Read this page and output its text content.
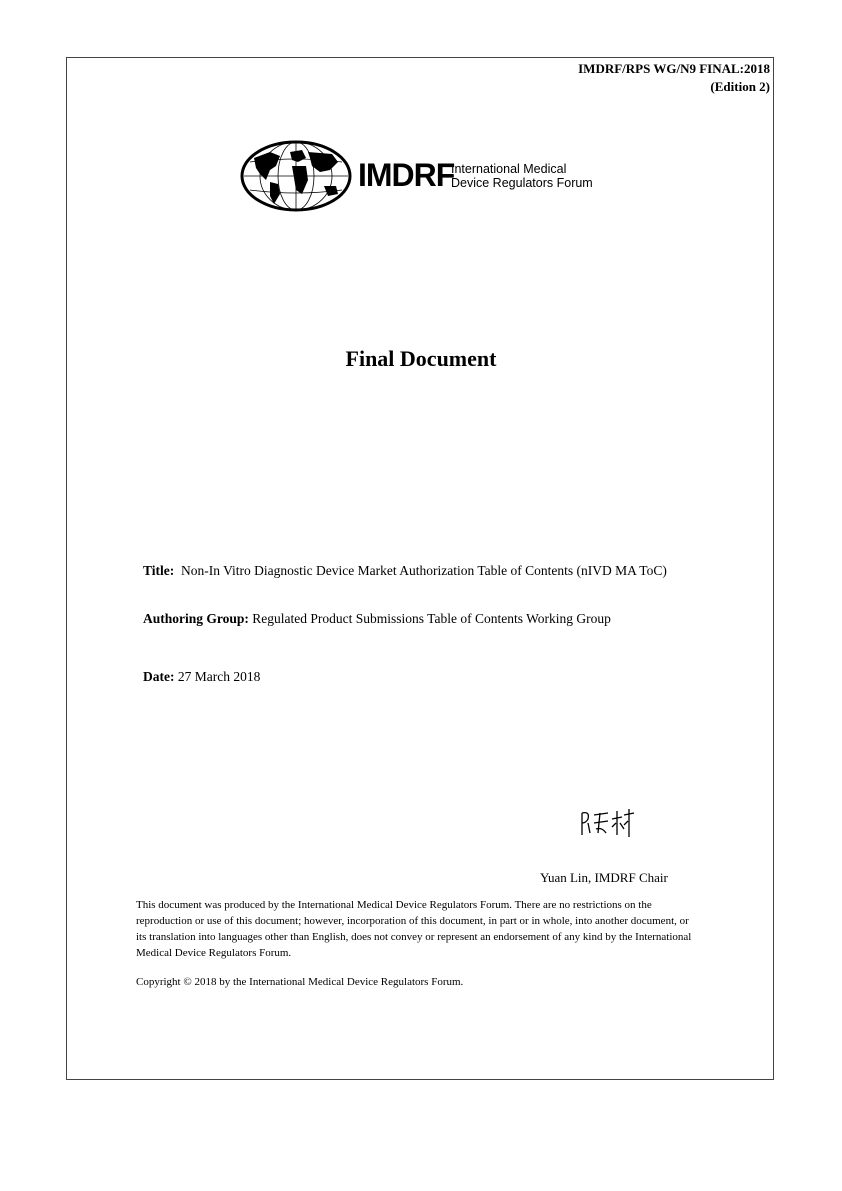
IMDRF/RPS WG/N9 FINAL:2018
(Edition 2)
IMDRF
International Medical
Device Regulators Forum
Final Document
Title: Non-In Vitro Diagnostic Device Market Authorization Table of Contents (nIVD MA ToC)
Authoring Group: Regulated Product Submissions Table of Contents Working Group
Date: 27 March 2018
Yuan Lin, IMDRF Chair
This document was produced by the International Medical Device Regulators Forum. There are no restrictions on the reproduction or use of this document; however, incorporation of this document, in part or in whole, into another document, or its translation into languages other than English, does not convey or represent an endorsement of any kind by the International Medical Device Regulators Forum.
Copyright © 2018 by the International Medical Device Regulators Forum.
